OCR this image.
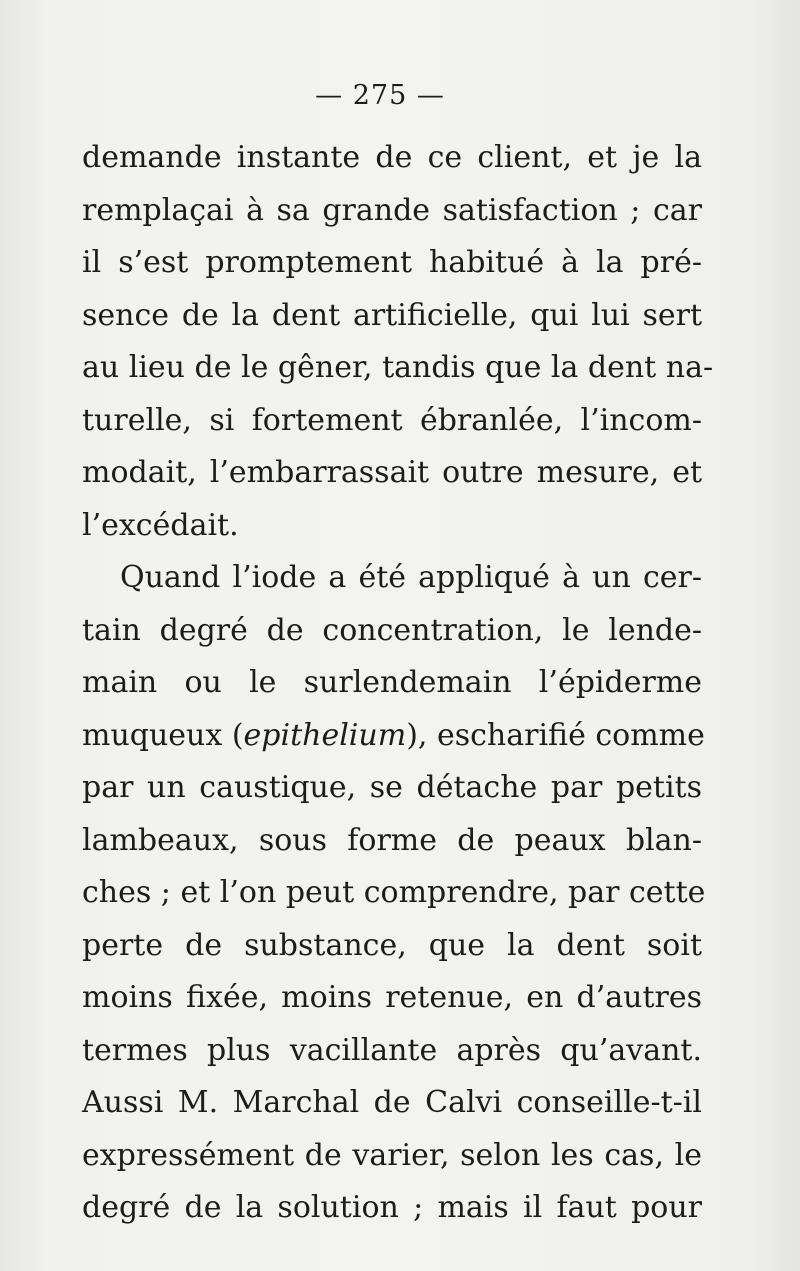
— 275 —
demande instante de ce client, et je la
remplaçai à sa grande satisfaction ; car
il s’est promptement habitué à la pré-
sence de la dent artificielle, qui lui sert
au lieu de le gêner, tandis que la dent na-
turelle, si fortement ébranlée, l’incom-
modait, l’embarrassait outre mesure, et
l’excédait.
Quand l’iode a été appliqué à un cer-
tain degré de concentration, le lende-
main ou le surlendemain l’épiderme
muqueux (epithelium), escharifié comme
par un caustique, se détache par petits
lambeaux, sous forme de peaux blan-
ches ; et l’on peut comprendre, par cette
perte de substance, que la dent soit
moins fixée, moins retenue, en d’autres
termes plus vacillante après qu’avant.
Aussi M. Marchal de Calvi conseille-t-il
expressément de varier, selon les cas, le
degré de la solution ; mais il faut pour
